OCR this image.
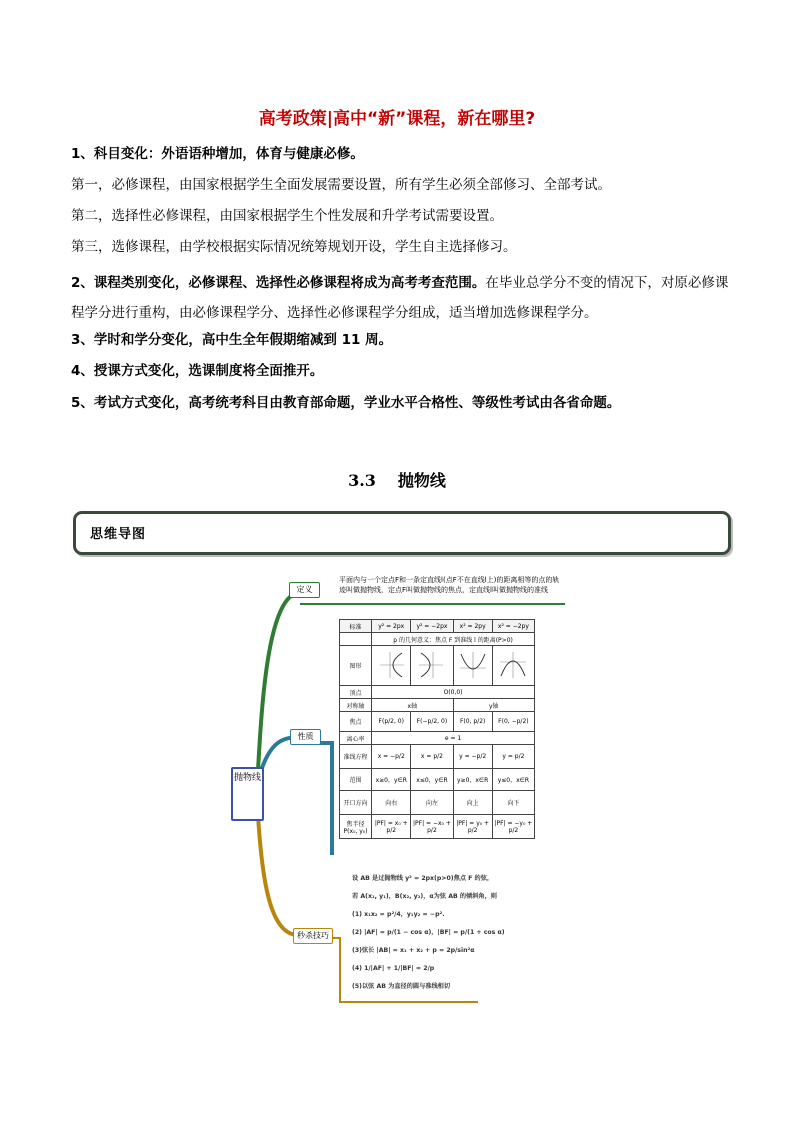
高考政策|高中“新”课程，新在哪里?
1、科目变化：外语语种增加，体育与健康必修。
第一，必修课程，由国家根据学生全面发展需要设置，所有学生必须全部修习、全部考试。
第二，选择性必修课程，由国家根据学生个性发展和升学考试需要设置。
第三，选修课程，由学校根据实际情况统筹规划开设，学生自主选择修习。
2、课程类别变化，必修课程、选择性必修课程将成为高考考查范围。在毕业总学分不变的情况下，对原必修课程学分进行重构，由必修课程学分、选择性必修课程学分组成，适当增加选修课程学分。
3、学时和学分变化，高中生全年假期缩减到 11 周。
4、授课方式变化，选课制度将全面推开。
5、考试方式变化，高考统考科目由教育部命题，学业水平合格性、等级性考试由各省命题。
3.3 抛物线
思维导图
抛物线
定义
性质
秒杀技巧
平面内与一个定点F和一条定直线l(点F不在直线l上)的距离相等的点的轨迹叫做抛物线，定点F叫做抛物线的焦点，定直线l叫做抛物线的准线
标准	y² = 2px	y² = −2px	x² = 2py	x² = −2py
	p 的几何意义：焦点 F 到准线 l 的距离(P>0)			
图形				
顶点	O(0,0)			
对称轴	x轴		y轴	
焦点	F(p/2, 0)	F(−p/2, 0)	F(0, p/2)	F(0, −p/2)
离心率	e = 1			
准线方程	x = −p/2	x = p/2	y = −p/2	y = p/2
范围	x≥0，y∈R	x≤0，y∈R	y≥0，x∈R	y≤0，x∈R
开口方向	向右	向左	向上	向下
焦半径 P(x₀, y₀)	|PF| = x₀ + p/2	|PF| = −x₀ + p/2	|PF| = y₀ + p/2	|PF| = −y₀ + p/2
设 AB 是过抛物线 y² = 2px(p>0)焦点 F 的弦，
若 A(x₁, y₁)，B(x₂, y₂)，α为弦 AB 的倾斜角，则
(1) x₁x₂ = p²/4，y₁y₂ = −p².
(2) |AF| = p/(1 − cos α)，|BF| = p/(1 + cos α)
(3)弦长 |AB| = x₁ + x₂ + p = 2p/sin²α
(4) 1/|AF| + 1/|BF| = 2/p
(5)以弦 AB 为直径的圆与准线相切
